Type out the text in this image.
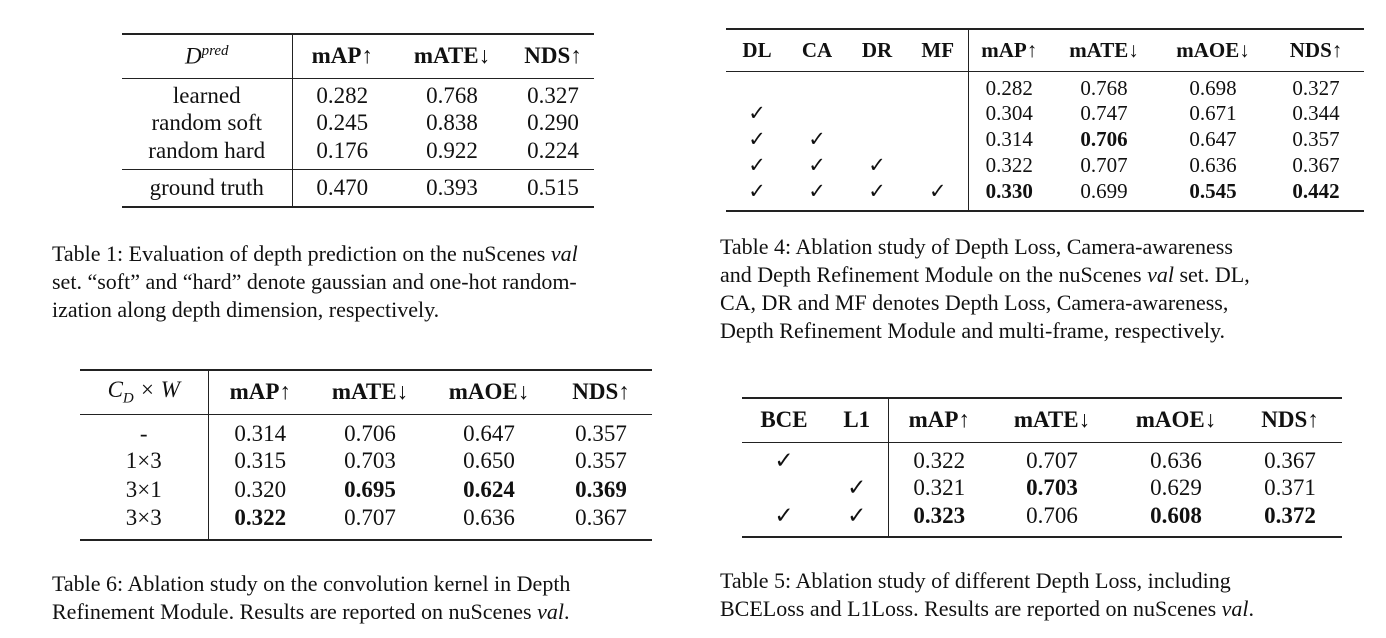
$D^{pred}$	mAP↑	mATE↓	NDS↑
learned	0.282	0.768	0.327
random soft	0.245	0.838	0.290
random hard	0.176	0.922	0.224
ground truth	0.470	0.393	0.515
Table 1: Evaluation of depth prediction on the nuScenes val
set. “soft” and “hard” denote gaussian and one-hot random-
ization along depth dimension, respectively.
DL	CA	DR	MF	mAP↑	mATE↓	mAOE↓	NDS↑
				0.282	0.768	0.698	0.327
✓				0.304	0.747	0.671	0.344
✓	✓			0.314	0.706	0.647	0.357
✓	✓	✓		0.322	0.707	0.636	0.367
✓	✓	✓	✓	0.330	0.699	0.545	0.442
Table 4: Ablation study of Depth Loss, Camera-awareness
and Depth Refinement Module on the nuScenes val set. DL,
CA, DR and MF denotes Depth Loss, Camera-awareness,
Depth Refinement Module and multi-frame, respectively.
$C_D \times W$	mAP↑	mATE↓	mAOE↓	NDS↑
-	0.314	0.706	0.647	0.357
1×3	0.315	0.703	0.650	0.357
3×1	0.320	0.695	0.624	0.369
3×3	0.322	0.707	0.636	0.367
Table 6: Ablation study on the convolution kernel in Depth
Refinement Module. Results are reported on nuScenes val.
BCE	L1	mAP↑	mATE↓	mAOE↓	NDS↑
✓		0.322	0.707	0.636	0.367
	✓	0.321	0.703	0.629	0.371
✓	✓	0.323	0.706	0.608	0.372
Table 5: Ablation study of different Depth Loss, including
BCELoss and L1Loss. Results are reported on nuScenes val.
